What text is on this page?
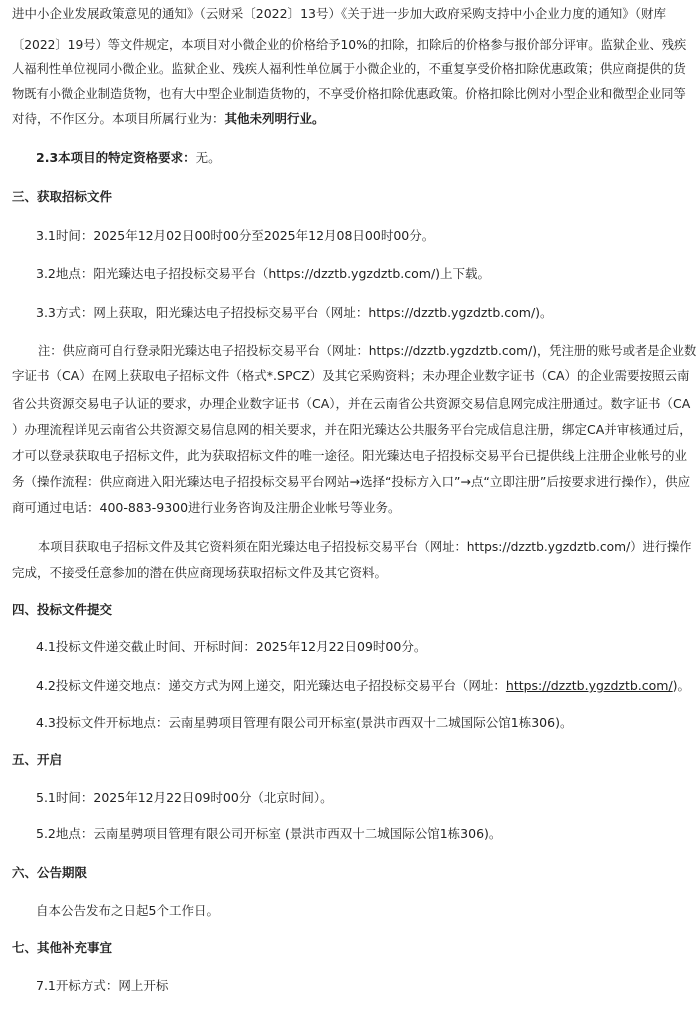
进中小企业发展政策意见的通知》（云财采〔2022〕13号）《关于进一步加大政府采购支持中小企业力度的通知》（财库
〔2022〕19号）等文件规定，本项目对小微企业的价格给予10%的扣除，扣除后的价格参与报价部分评审。监狱企业、残疾
人福利性单位视同小微企业。监狱企业、残疾人福利性单位属于小微企业的，不重复享受价格扣除优惠政策；供应商提供的货
物既有小微企业制造货物，也有大中型企业制造货物的，不享受价格扣除优惠政策。价格扣除比例对小型企业和微型企业同等
对待，不作区分。本项目所属行业为：其他未列明行业。
2.3本项目的特定资格要求：无。
三、获取招标文件
3.1时间：2025年12月02日00时00分至2025年12月08日00时00分。
3.2地点：阳光臻达电子招投标交易平台（https://dzztb.ygzdztb.com/)上下载。
3.3方式：网上获取，阳光臻达电子招投标交易平台（网址：https://dzztb.ygzdztb.com/)。
注：供应商可自行登录阳光臻达电子招投标交易平台（网址：https://dzztb.ygzdztb.com/)，凭注册的账号或者是企业数
字证书（CA）在网上获取电子招标文件（格式*.SPCZ）及其它采购资料；未办理企业数字证书（CA）的企业需要按照云南
省公共资源交易电子认证的要求，办理企业数字证书（CA），并在云南省公共资源交易信息网完成注册通过。数字证书（CA
）办理流程详见云南省公共资源交易信息网的相关要求，并在阳光臻达公共服务平台完成信息注册，绑定CA并审核通过后，
才可以登录获取电子招标文件，此为获取招标文件的唯一途径。阳光臻达电子招投标交易平台已提供线上注册企业帐号的业
务（操作流程：供应商进入阳光臻达电子招投标交易平台网站→选择“投标方入口”→点“立即注册”后按要求进行操作），供应
商可通过电话：400-883-9300进行业务咨询及注册企业帐号等业务。
本项目获取电子招标文件及其它资料须在阳光臻达电子招投标交易平台（网址：https://dzztb.ygzdztb.com/）进行操作
完成，不接受任意参加的潜在供应商现场获取招标文件及其它资料。
四、投标文件提交
4.1投标文件递交截止时间、开标时间：2025年12月22日09时00分。
4.2投标文件递交地点：递交方式为网上递交，阳光臻达电子招投标交易平台（网址：https://dzztb.ygzdztb.com/)。
4.3投标文件开标地点：云南星骋项目管理有限公司开标室(景洪市西双十二城国际公馆1栋306)。
五、开启
5.1时间：2025年12月22日09时00分（北京时间）。
5.2地点：云南星骋项目管理有限公司开标室 (景洪市西双十二城国际公馆1栋306)。
六、公告期限
自本公告发布之日起5个工作日。
七、其他补充事宜
7.1开标方式：网上开标
